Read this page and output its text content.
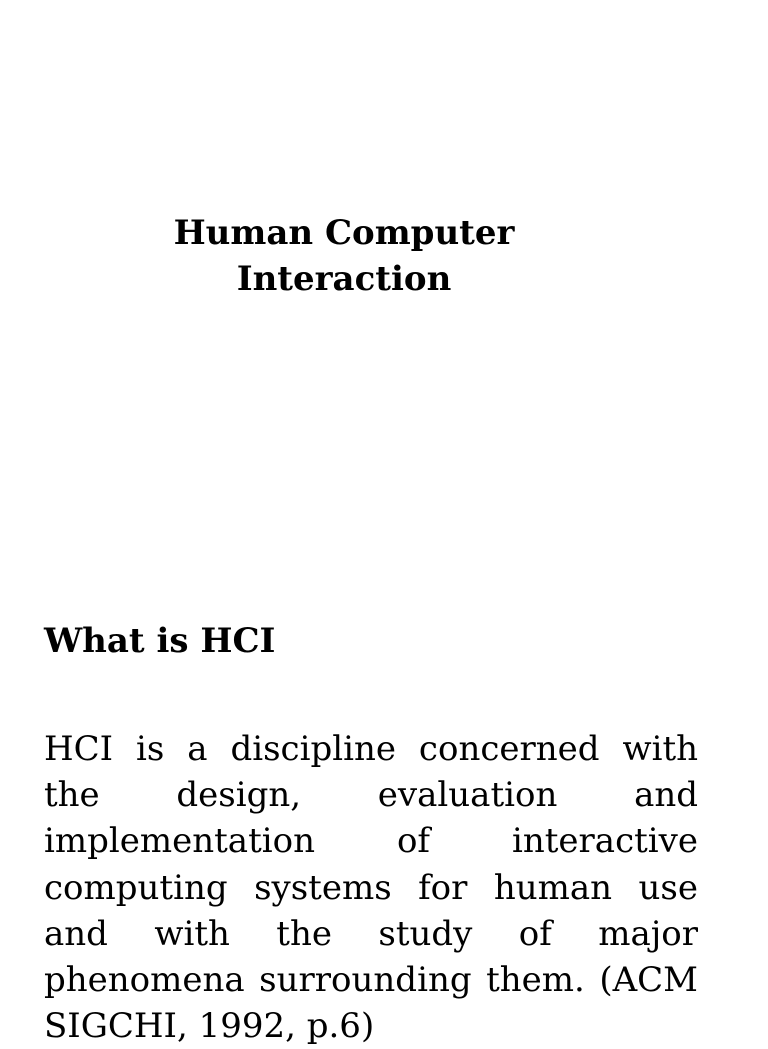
Human Computer
Interaction
What is HCI

HCI is a discipline concerned with the design, evaluation and implementation of interactive computing systems for human use and with the study of major phenomena surrounding them. (ACM SIGCHI, 1992, p.6)
